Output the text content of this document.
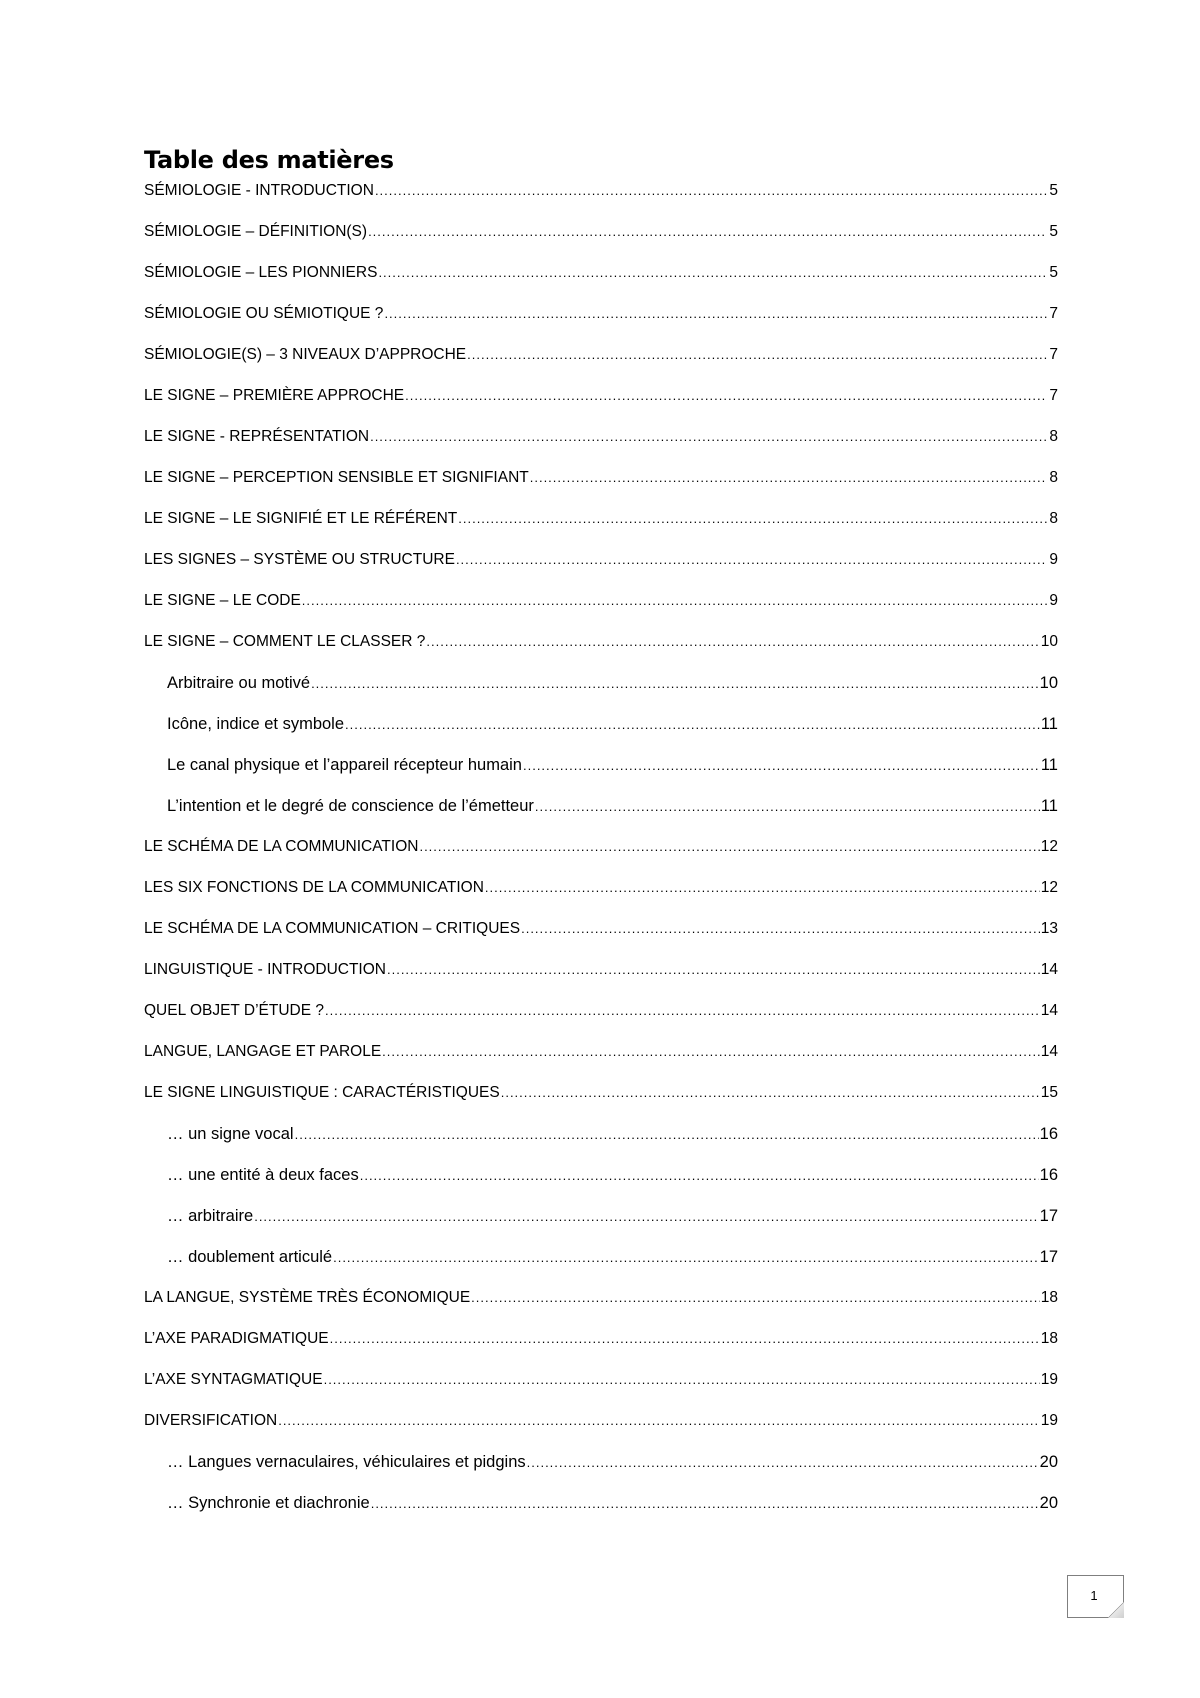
Table des matières
SÉMIOLOGIE - INTRODUCTION .....	5
SÉMIOLOGIE – DÉFINITION(S) .....	5
SÉMIOLOGIE – LES PIONNIERS .....	5
SÉMIOLOGIE OU SÉMIOTIQUE ? .....	7
SÉMIOLOGIE(S) – 3 NIVEAUX D’APPROCHE .....	7
LE SIGNE – PREMIÈRE APPROCHE .....	7
LE SIGNE - REPRÉSENTATION .....	8
LE SIGNE – PERCEPTION SENSIBLE ET SIGNIFIANT .....	8
LE SIGNE – LE SIGNIFIÉ ET LE RÉFÉRENT .....	8
LES SIGNES – SYSTÈME OU STRUCTURE .....	9
LE SIGNE – LE CODE .....	9
LE SIGNE – COMMENT LE CLASSER ? .....	10
Arbitraire ou motivé .....	10
Icône, indice et symbole .....	11
Le canal physique et l’appareil récepteur humain .....	11
L’intention et le degré de conscience de l’émetteur .....	11
LE SCHÉMA DE LA COMMUNICATION .....	12
LES SIX FONCTIONS DE LA COMMUNICATION .....	12
LE SCHÉMA DE LA COMMUNICATION – CRITIQUES .....	13
LINGUISTIQUE - INTRODUCTION .....	14
QUEL OBJET D’ÉTUDE ? .....	14
LANGUE, LANGAGE ET PAROLE .....	14
LE SIGNE LINGUISTIQUE : CARACTÉRISTIQUES .....	15
… un signe vocal .....	16
… une entité à deux faces .....	16
… arbitraire .....	17
… doublement articulé .....	17
LA LANGUE, SYSTÈME TRÈS ÉCONOMIQUE .....	18
L’AXE PARADIGMATIQUE .....	18
L’AXE SYNTAGMATIQUE .....	19
DIVERSIFICATION .....	19
… Langues vernaculaires, véhiculaires et pidgins .....	20
… Synchronie et diachronie .....	20
1
